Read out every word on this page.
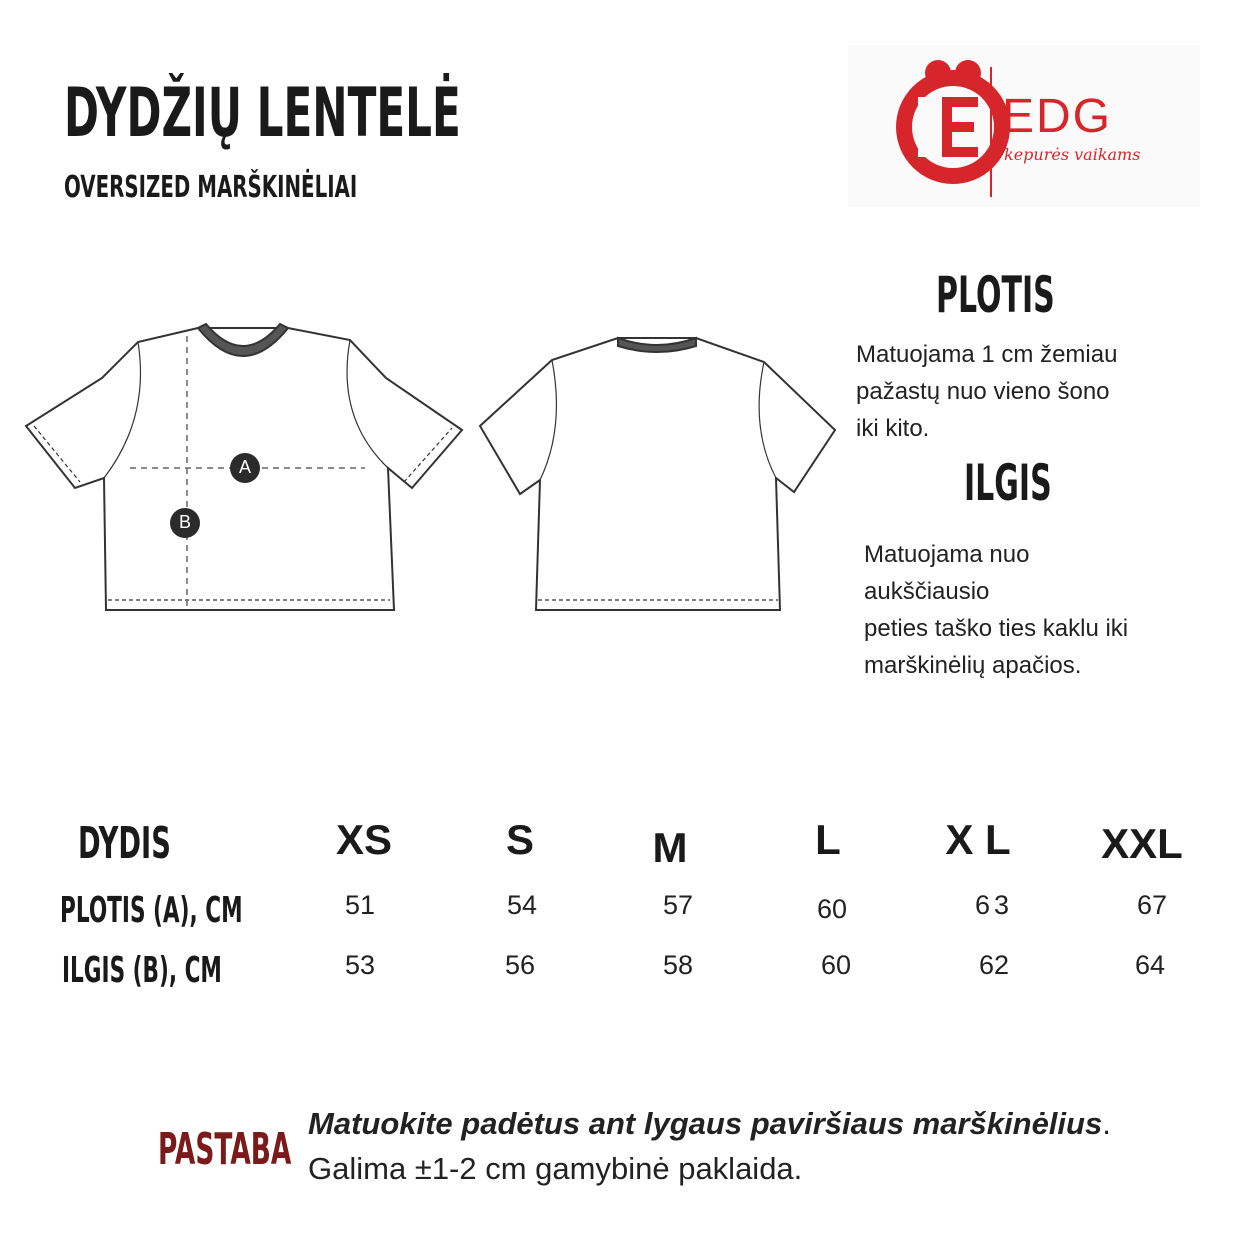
DYDŽIŲ LENTELĖ
OVERSIZED MARŠKINĖLIAI
EDG
kepurės vaikams
A
B
PLOTIS
Matuojama 1 cm žemiau
pažastų nuo vieno šono
iki kito.
ILGIS
Matuojama nuo
aukščiausio
peties taško ties kaklu iki
marškinėlių apačios.
DYDIS	XS	S	M	L	X L	XXL
PLOTIS (A), CM	51	54	57	60	63	67
ILGIS (B), CM	53	56	58	60	62	64
PASTABA
Matuokite padėtus ant lygaus paviršiaus marškinėlius.
Galima ±1-2 cm gamybinė paklaida.
